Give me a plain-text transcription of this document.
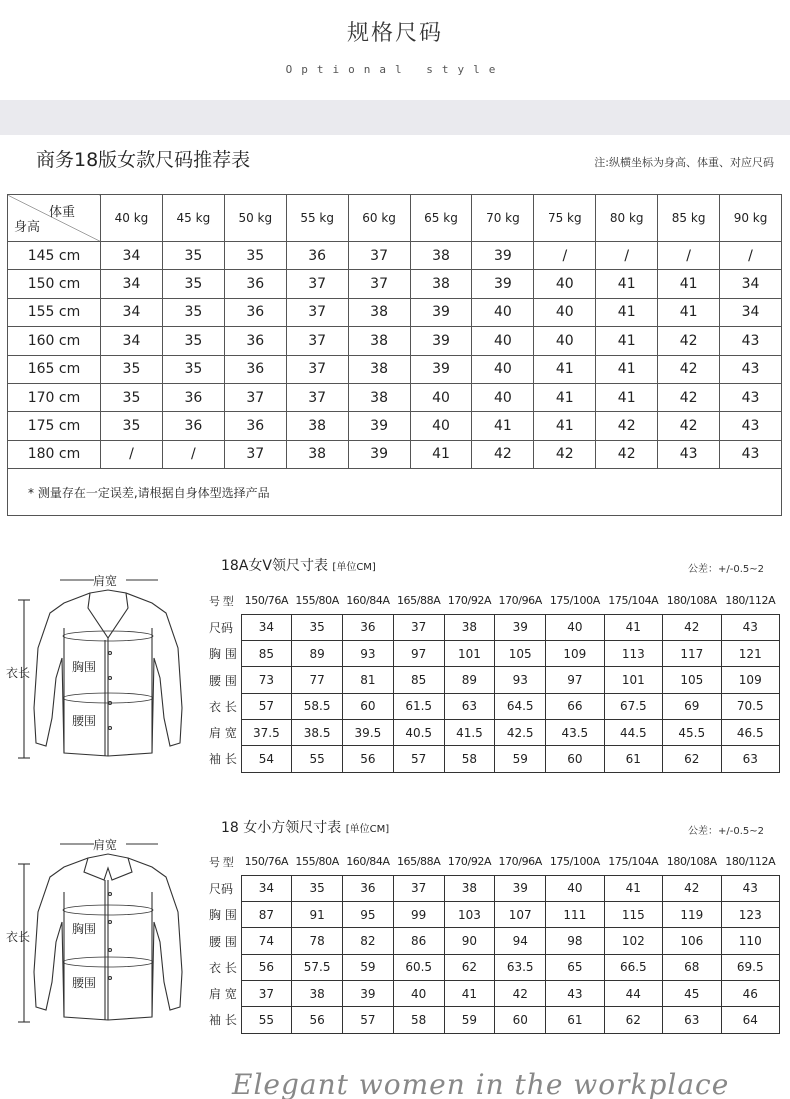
规格尺码
Optional style
商务18版女款尺码推荐表	注:纵横坐标为身高、体重、对应尺码
体重
身高	40 kg	45 kg	50 kg	55 kg	60 kg	65 kg	70 kg	75 kg	80 kg	85 kg	90 kg
145 cm	34	35	35	36	37	38	39	/	/	/	/
150 cm	34	35	36	37	37	38	39	40	41	41	34
155 cm	34	35	36	37	38	39	40	40	41	41	34
160 cm	34	35	36	37	38	39	40	40	41	42	43
165 cm	35	35	36	37	38	39	40	41	41	42	43
170 cm	35	36	37	37	38	40	40	41	41	42	43
175 cm	35	36	36	38	39	40	41	41	42	42	43
180 cm	/	/	37	38	39	41	42	42	42	43	43
* 测量存在一定误差,请根据自身体型选择产品											
肩宽
衣长	胸围
腰围
18A女V领尺寸表 [单位CM]	公差：+/-0.5~2
号 型	150/76A	155/80A	160/84A	165/88A	170/92A	170/96A	175/100A	175/104A	180/108A	180/112A
尺码	34	35	36	37	38	39	40	41	42	43
胸 围	85	89	93	97	101	105	109	113	117	121
腰 围	73	77	81	85	89	93	97	101	105	109
衣 长	57	58.5	60	61.5	63	64.5	66	67.5	69	70.5
肩 宽	37.5	38.5	39.5	40.5	41.5	42.5	43.5	44.5	45.5	46.5
袖 长	54	55	56	57	58	59	60	61	62	63
肩宽
衣长
胸围
腰围
18 女小方领尺寸表 [单位CM]	公差：+/-0.5~2
号 型	150/76A	155/80A	160/84A	165/88A	170/92A	170/96A	175/100A	175/104A	180/108A	180/112A
尺码	34	35	36	37	38	39	40	41	42	43
胸 围	87	91	95	99	103	107	111	115	119	123
腰 围	74	78	82	86	90	94	98	102	106	110
衣 长	56	57.5	59	60.5	62	63.5	65	66.5	68	69.5
肩 宽	37	38	39	40	41	42	43	44	45	46
袖 长	55	56	57	58	59	60	61	62	63	64
Elegant women in the workplace
